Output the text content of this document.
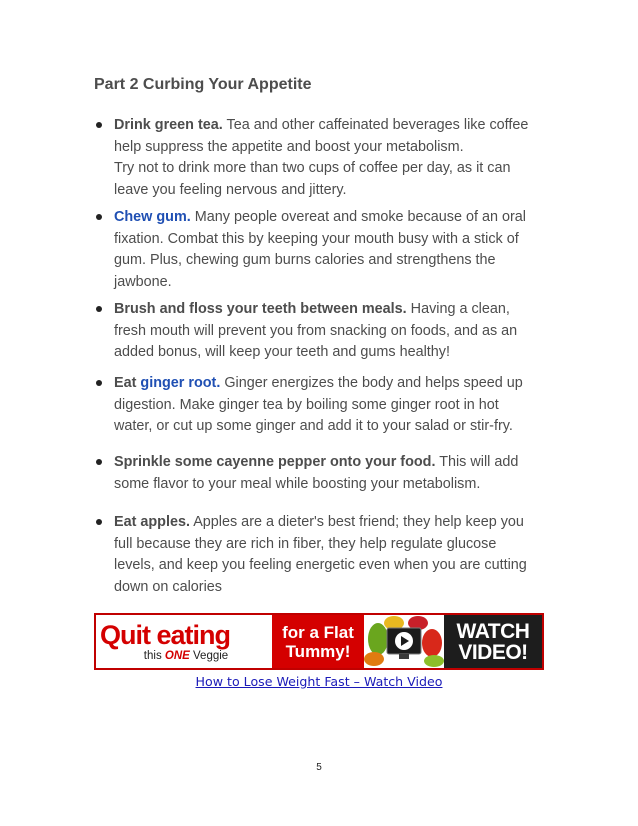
Part 2 Curbing Your Appetite
Drink green tea. Tea and other caffeinated beverages like coffee help suppress the appetite and boost your metabolism.
Try not to drink more than two cups of coffee per day, as it can leave you feeling nervous and jittery.
Chew gum. Many people overeat and smoke because of an oral fixation. Combat this by keeping your mouth busy with a stick of gum. Plus, chewing gum burns calories and strengthens the jawbone.
Brush and floss your teeth between meals. Having a clean, fresh mouth will prevent you from snacking on foods, and as an added bonus, will keep your teeth and gums healthy!
Eat ginger root. Ginger energizes the body and helps speed up digestion. Make ginger tea by boiling some ginger root in hot water, or cut up some ginger and add it to your salad or stir-fry.
Sprinkle some cayenne pepper onto your food. This will add some flavor to your meal while boosting your metabolism.
Eat apples. Apples are a dieter's best friend; they help keep you full because they are rich in fiber, they help regulate glucose levels, and keep you feeling energetic even when you are cutting down on calories
Quit eating
this ONE Veggie
for a Flat
Tummy!
WATCH
VIDEO!
How to Lose Weight Fast – Watch Video
5
